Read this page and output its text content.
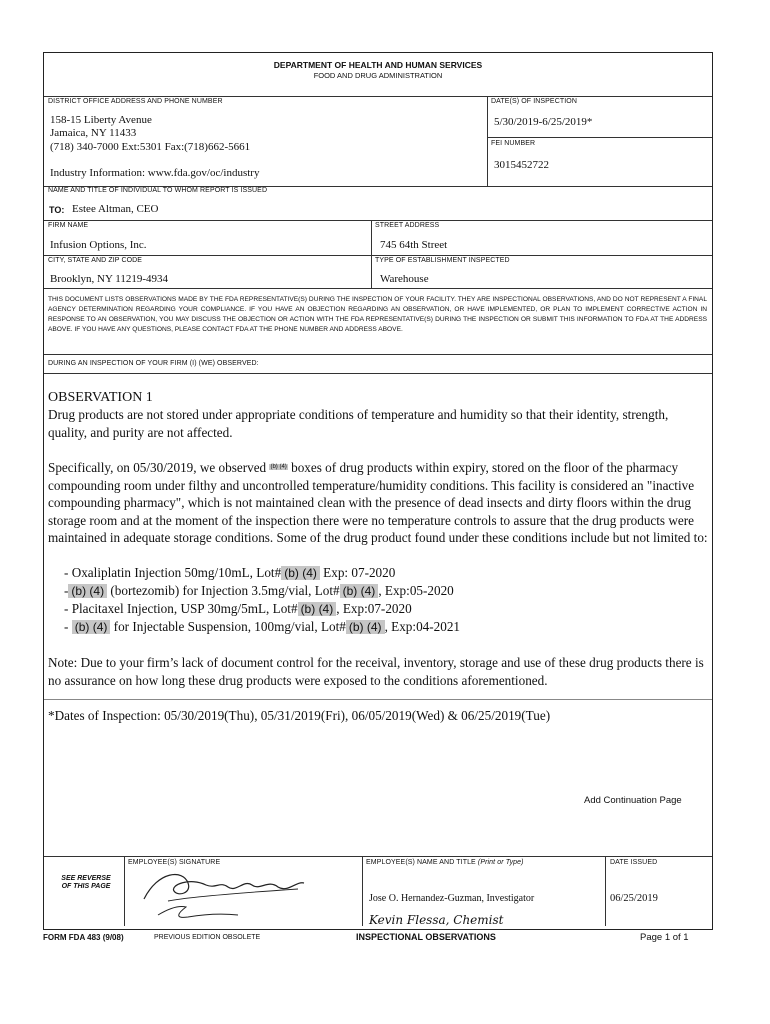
DEPARTMENT OF HEALTH AND HUMAN SERVICES
FOOD AND DRUG ADMINISTRATION
DISTRICT OFFICE ADDRESS AND PHONE NUMBER
158-15 Liberty Avenue
Jamaica, NY 11433
(718) 340-7000 Ext:5301 Fax:(718)662-5661
Industry Information: www.fda.gov/oc/industry
DATE(S) OF INSPECTION
5/30/2019-6/25/2019*
FEI NUMBER
3015452722
NAME AND TITLE OF INDIVIDUAL TO WHOM REPORT IS ISSUED
TO: Estee Altman, CEO
FIRM NAME
Infusion Options, Inc.
STREET ADDRESS
745 64th Street
CITY, STATE AND ZIP CODE
Brooklyn, NY 11219-4934
TYPE OF ESTABLISHMENT INSPECTED
Warehouse
THIS DOCUMENT LISTS OBSERVATIONS MADE BY THE FDA REPRESENTATIVE(S) DURING THE INSPECTION OF YOUR FACILITY. THEY ARE INSPECTIONAL OBSERVATIONS, AND DO NOT REPRESENT A FINAL AGENCY DETERMINATION REGARDING YOUR COMPLIANCE. IF YOU HAVE AN OBJECTION REGARDING AN OBSERVATION, OR HAVE IMPLEMENTED, OR PLAN TO IMPLEMENT CORRECTIVE ACTION IN RESPONSE TO AN OBSERVATION, YOU MAY DISCUSS THE OBJECTION OR ACTION WITH THE FDA REPRESENTATIVE(S) DURING THE INSPECTION OR SUBMIT THIS INFORMATION TO FDA AT THE ADDRESS ABOVE. IF YOU HAVE ANY QUESTIONS, PLEASE CONTACT FDA AT THE PHONE NUMBER AND ADDRESS ABOVE.
DURING AN INSPECTION OF YOUR FIRM (I) (WE) OBSERVED:
OBSERVATION 1
Drug products are not stored under appropriate conditions of temperature and humidity so that their identity, strength, quality, and purity are not affected.
Specifically, on 05/30/2019, we observed $^{(b) (4)}$ boxes of drug products within expiry, stored on the floor of the pharmacy compounding room under filthy and uncontrolled temperature/humidity conditions. This facility is considered an "inactive compounding pharmacy", which is not maintained clean with the presence of dead insects and dirty floors within the drug storage room and at the moment of the inspection there were no temperature controls to assure that the drug products were maintained in adequate storage conditions. Some of the drug product found under these conditions include but not limited to:
- Oxaliplatin Injection 50mg/10mL, Lot# (b) (4) Exp: 07-2020
- (b) (4) (bortezomib) for Injection 3.5mg/vial, Lot# (b) (4) , Exp:05-2020
- Placitaxel Injection, USP 30mg/5mL, Lot# (b) (4) , Exp:07-2020
- (b) (4) for Injectable Suspension, 100mg/vial, Lot# (b) (4) , Exp:04-2021
Note: Due to your firm’s lack of document control for the receival, inventory, storage and use of these drug products there is no assurance on how long these drug products were exposed to the conditions aforementioned.
*Dates of Inspection: 05/30/2019(Thu), 05/31/2019(Fri), 06/05/2019(Wed) & 06/25/2019(Tue)
Add Continuation Page
SEE REVERSE OF THIS PAGE
EMPLOYEE(S) SIGNATURE	EMPLOYEE(S) NAME AND TITLE (Print or Type)
Jose O. Hernandez-Guzman, Investigator
Kevin Flessa, Chemist
DATE ISSUED
06/25/2019
FORM FDA 483 (9/08)	PREVIOUS EDITION OBSOLETE	INSPECTIONAL OBSERVATIONS	Page 1 of 1
